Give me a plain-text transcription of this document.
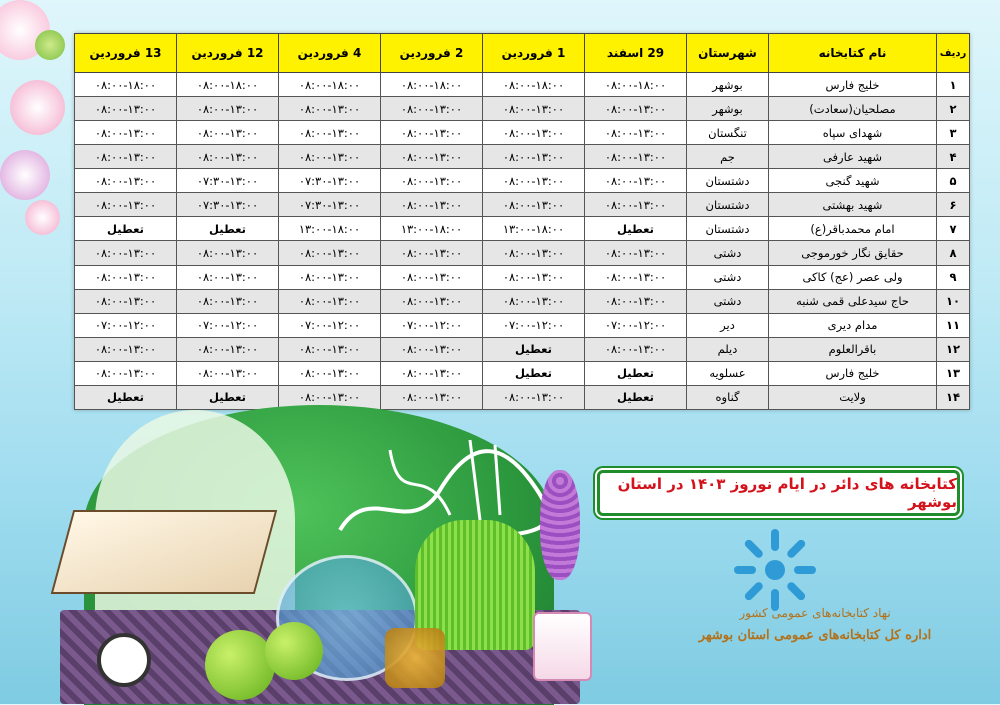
ردیف	نام کتابخانه	شهرستان	29 اسفند	1 فروردین	2 فروردین	4 فروردین	12 فروردین	13 فروردین
۱	خلیج فارس	بوشهر	۰۸:۰۰-۱۸:۰۰	۰۸:۰۰-۱۸:۰۰	۰۸:۰۰-۱۸:۰۰	۰۸:۰۰-۱۸:۰۰	۰۸:۰۰-۱۸:۰۰	۰۸:۰۰-۱۸:۰۰
۲	مصلحیان(سعادت)	بوشهر	۰۸:۰۰-۱۳:۰۰	۰۸:۰۰-۱۳:۰۰	۰۸:۰۰-۱۳:۰۰	۰۸:۰۰-۱۳:۰۰	۰۸:۰۰-۱۳:۰۰	۰۸:۰۰-۱۳:۰۰
۳	شهدای سپاه	تنگستان	۰۸:۰۰-۱۳:۰۰	۰۸:۰۰-۱۳:۰۰	۰۸:۰۰-۱۳:۰۰	۰۸:۰۰-۱۳:۰۰	۰۸:۰۰-۱۳:۰۰	۰۸:۰۰-۱۳:۰۰
۴	شهید عارفی	جم	۰۸:۰۰-۱۳:۰۰	۰۸:۰۰-۱۳:۰۰	۰۸:۰۰-۱۳:۰۰	۰۸:۰۰-۱۳:۰۰	۰۸:۰۰-۱۳:۰۰	۰۸:۰۰-۱۳:۰۰
۵	شهید گنجی	دشتستان	۰۸:۰۰-۱۳:۰۰	۰۸:۰۰-۱۳:۰۰	۰۸:۰۰-۱۳:۰۰	۰۷:۳۰-۱۳:۰۰	۰۷:۳۰-۱۳:۰۰	۰۸:۰۰-۱۳:۰۰
۶	شهید بهشتی	دشتستان	۰۸:۰۰-۱۳:۰۰	۰۸:۰۰-۱۳:۰۰	۰۸:۰۰-۱۳:۰۰	۰۷:۳۰-۱۳:۰۰	۰۷:۳۰-۱۳:۰۰	۰۸:۰۰-۱۳:۰۰
۷	امام محمدباقر(ع)	دشتستان	تعطیل	۱۳:۰۰-۱۸:۰۰	۱۳:۰۰-۱۸:۰۰	۱۳:۰۰-۱۸:۰۰	تعطیل	تعطیل
۸	حقایق نگار خورموجی	دشتی	۰۸:۰۰-۱۳:۰۰	۰۸:۰۰-۱۳:۰۰	۰۸:۰۰-۱۳:۰۰	۰۸:۰۰-۱۳:۰۰	۰۸:۰۰-۱۳:۰۰	۰۸:۰۰-۱۳:۰۰
۹	ولی عصر (عج) کاکی	دشتی	۰۸:۰۰-۱۳:۰۰	۰۸:۰۰-۱۳:۰۰	۰۸:۰۰-۱۳:۰۰	۰۸:۰۰-۱۳:۰۰	۰۸:۰۰-۱۳:۰۰	۰۸:۰۰-۱۳:۰۰
۱۰	حاج سیدعلی قمی شنبه	دشتی	۰۸:۰۰-۱۳:۰۰	۰۸:۰۰-۱۳:۰۰	۰۸:۰۰-۱۳:۰۰	۰۸:۰۰-۱۳:۰۰	۰۸:۰۰-۱۳:۰۰	۰۸:۰۰-۱۳:۰۰
۱۱	مدام دیری	دیر	۰۷:۰۰-۱۲:۰۰	۰۷:۰۰-۱۲:۰۰	۰۷:۰۰-۱۲:۰۰	۰۷:۰۰-۱۲:۰۰	۰۷:۰۰-۱۲:۰۰	۰۷:۰۰-۱۲:۰۰
۱۲	باقرالعلوم	دیلم	۰۸:۰۰-۱۳:۰۰	تعطیل	۰۸:۰۰-۱۳:۰۰	۰۸:۰۰-۱۳:۰۰	۰۸:۰۰-۱۳:۰۰	۰۸:۰۰-۱۳:۰۰
۱۳	خلیج فارس	عسلویه	تعطیل	تعطیل	۰۸:۰۰-۱۳:۰۰	۰۸:۰۰-۱۳:۰۰	۰۸:۰۰-۱۳:۰۰	۰۸:۰۰-۱۳:۰۰
۱۴	ولایت	گناوه	تعطیل	۰۸:۰۰-۱۳:۰۰	۰۸:۰۰-۱۳:۰۰	۰۸:۰۰-۱۳:۰۰	تعطیل	تعطیل
کتابخانه های دائر در ایام نوروز ۱۴۰۳ در استان بوشهر
نهاد کتابخانه‌های عمومی کشور
اداره کل کتابخانه‌های عمومی استان بوشهر
